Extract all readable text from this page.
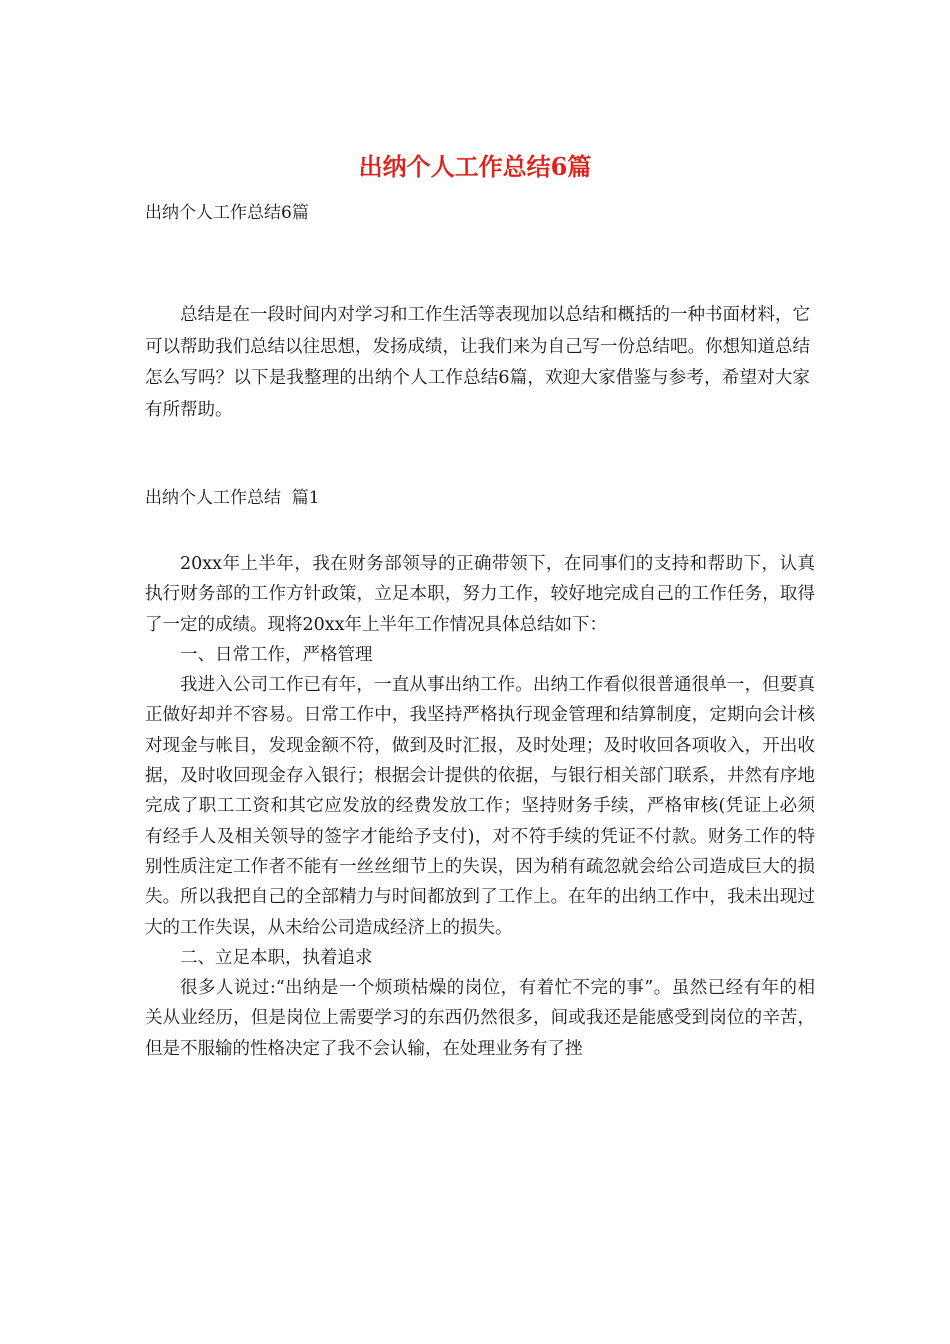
出纳个人工作总结6篇
出纳个人工作总结6篇

总结是在一段时间内对学习和工作生活等表现加以总结和概括的一种书面材料，它可以帮助我们总结以往思想，发扬成绩，让我们来为自己写一份总结吧。你想知道总结怎么写吗？以下是我整理的出纳个人工作总结6篇，欢迎大家借鉴与参考，希望对大家有所帮助。

出纳个人工作总结  篇1

20xx年上半年，我在财务部领导的正确带领下，在同事们的支持和帮助下，认真执行财务部的工作方针政策，立足本职，努力工作，较好地完成自己的工作任务，取得了一定的成绩。现将20xx年上半年工作情况具体总结如下：

一、日常工作，严格管理

我进入公司工作已有年，一直从事出纳工作。出纳工作看似很普通很单一，但要真正做好却并不容易。日常工作中，我坚持严格执行现金管理和结算制度，定期向会计核对现金与帐目，发现金额不符，做到及时汇报，及时处理；及时收回各项收入，开出收据，及时收回现金存入银行；根据会计提供的依据，与银行相关部门联系，井然有序地完成了职工工资和其它应发放的经费发放工作；坚持财务手续，严格审核(凭证上必须有经手人及相关领导的签字才能给予支付)，对不符手续的凭证不付款。财务工作的特别性质注定工作者不能有一丝丝细节上的失误，因为稍有疏忽就会给公司造成巨大的损失。所以我把自己的全部精力与时间都放到了工作上。在年的出纳工作中，我未出现过大的工作失误，从未给公司造成经济上的损失。

二、立足本职，执着追求

很多人说过:“出纳是一个烦琐枯燥的岗位，有着忙不完的事”。虽然已经有年的相关从业经历，但是岗位上需要学习的东西仍然很多，间或我还是能感受到岗位的辛苦，但是不服输的性格决定了我不会认输，在处理业务有了挫
